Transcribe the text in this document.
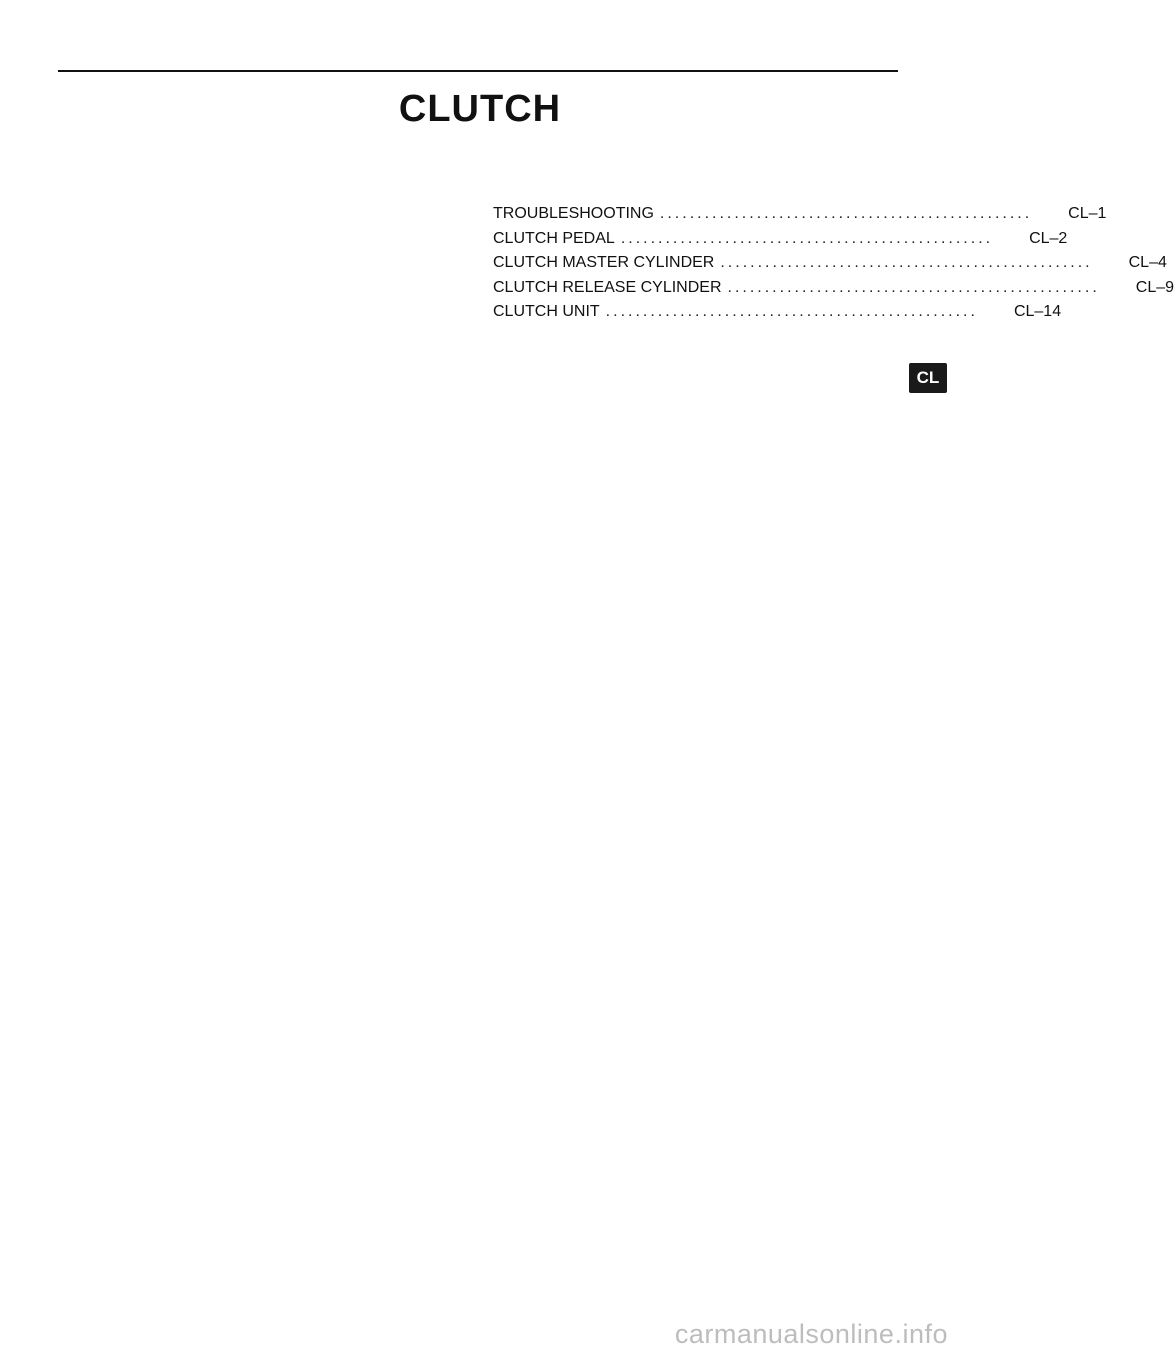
CLUTCH
TROUBLESHOOTING .................................................. CL–1
CLUTCH PEDAL .................................................. CL–2
CLUTCH MASTER CYLINDER .................................................. CL–4
CLUTCH RELEASE CYLINDER .................................................. CL–9
CLUTCH UNIT .................................................. CL–14
CL
carmanualsonline.info
